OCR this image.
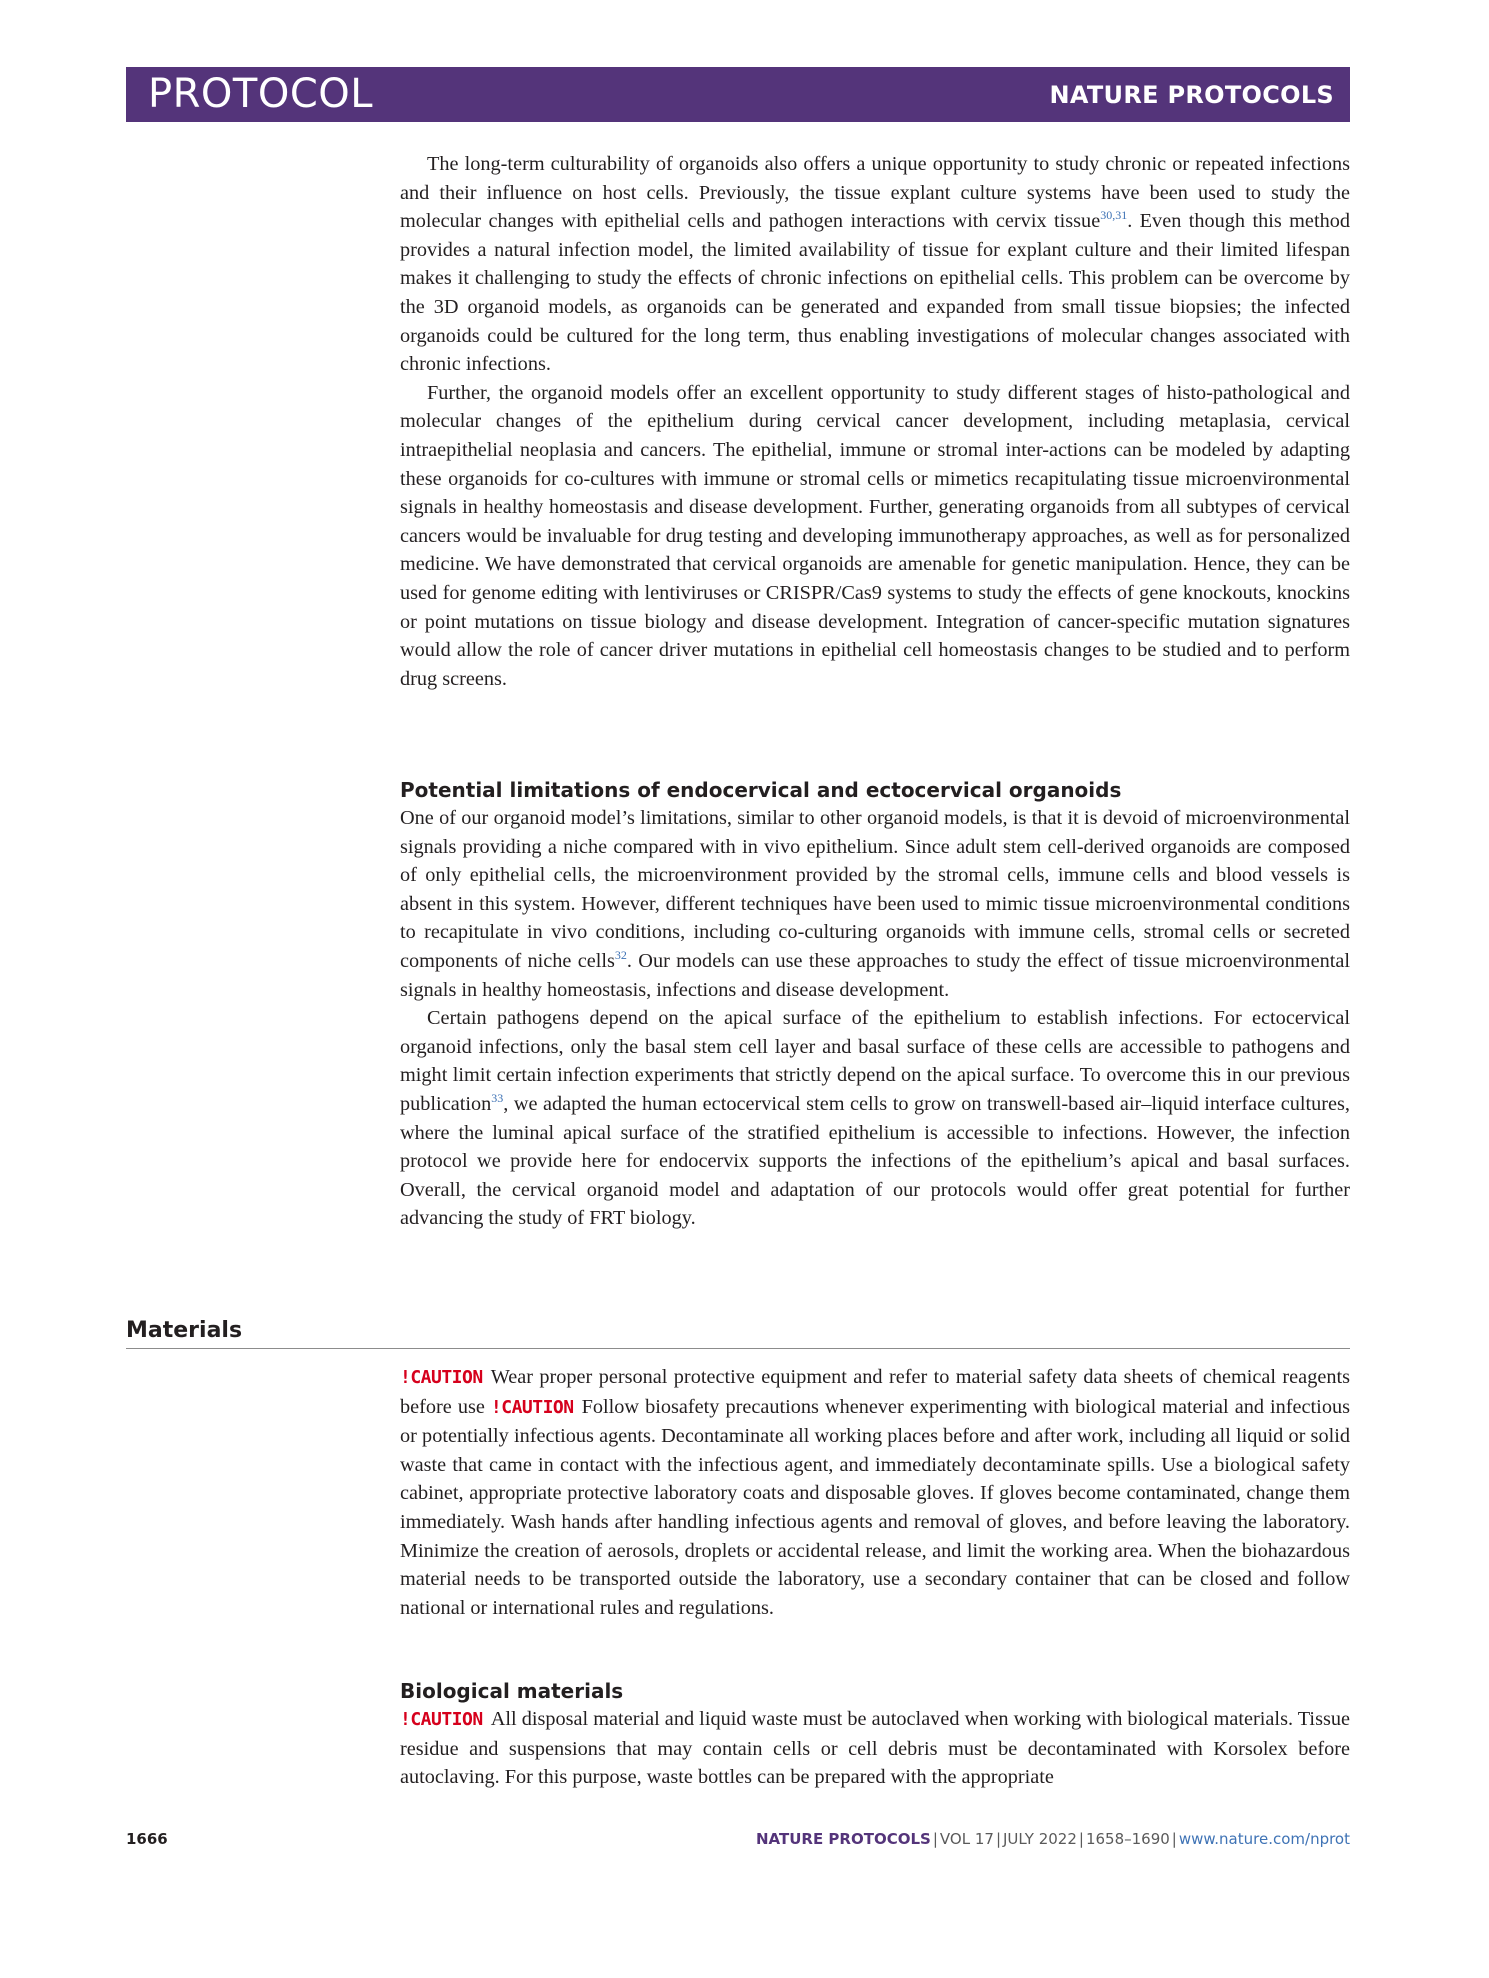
PROTOCOL	NATURE PROTOCOLS

The long-term culturability of organoids also offers a unique opportunity to study chronic or repeated infections and their influence on host cells. Previously, the tissue explant culture systems have been used to study the molecular changes with epithelial cells and pathogen interactions with cervix tissue$^{30,31}$. Even though this method provides a natural infection model, the limited availability of tissue for explant culture and their limited lifespan makes it challenging to study the effects of chronic infections on epithelial cells. This problem can be overcome by the 3D organoid models, as organoids can be generated and expanded from small tissue biopsies; the infected organoids could be cultured for the long term, thus enabling investigations of molecular changes associated with chronic infections.

Further, the organoid models offer an excellent opportunity to study different stages of histo-pathological and molecular changes of the epithelium during cervical cancer development, including metaplasia, cervical intraepithelial neoplasia and cancers. The epithelial, immune or stromal inter-actions can be modeled by adapting these organoids for co-cultures with immune or stromal cells or mimetics recapitulating tissue microenvironmental signals in healthy homeostasis and disease development. Further, generating organoids from all subtypes of cervical cancers would be invaluable for drug testing and developing immunotherapy approaches, as well as for personalized medicine. We have demonstrated that cervical organoids are amenable for genetic manipulation. Hence, they can be used for genome editing with lentiviruses or CRISPR/Cas9 systems to study the effects of gene knockouts, knockins or point mutations on tissue biology and disease development. Integration of cancer-specific mutation signatures would allow the role of cancer driver mutations in epithelial cell homeostasis changes to be studied and to perform drug screens.

Potential limitations of endocervical and ectocervical organoids

One of our organoid model’s limitations, similar to other organoid models, is that it is devoid of microenvironmental signals providing a niche compared with in vivo epithelium. Since adult stem cell-derived organoids are composed of only epithelial cells, the microenvironment provided by the stromal cells, immune cells and blood vessels is absent in this system. However, different techniques have been used to mimic tissue microenvironmental conditions to recapitulate in vivo conditions, including co-culturing organoids with immune cells, stromal cells or secreted components of niche cells$^{32}$. Our models can use these approaches to study the effect of tissue microenvironmental signals in healthy homeostasis, infections and disease development.

Certain pathogens depend on the apical surface of the epithelium to establish infections. For ectocervical organoid infections, only the basal stem cell layer and basal surface of these cells are accessible to pathogens and might limit certain infection experiments that strictly depend on the apical surface. To overcome this in our previous publication$^{33}$, we adapted the human ectocervical stem cells to grow on transwell-based air–liquid interface cultures, where the luminal apical surface of the stratified epithelium is accessible to infections. However, the infection protocol we provide here for endocervix supports the infections of the epithelium’s apical and basal surfaces. Overall, the cervical organoid model and adaptation of our protocols would offer great potential for further advancing the study of FRT biology.

Materials

!CAUTION Wear proper personal protective equipment and refer to material safety data sheets of chemical reagents before use !CAUTION Follow biosafety precautions whenever experimenting with biological material and infectious or potentially infectious agents. Decontaminate all working places before and after work, including all liquid or solid waste that came in contact with the infectious agent, and immediately decontaminate spills. Use a biological safety cabinet, appropriate protective laboratory coats and disposable gloves. If gloves become contaminated, change them immediately. Wash hands after handling infectious agents and removal of gloves, and before leaving the laboratory. Minimize the creation of aerosols, droplets or accidental release, and limit the working area. When the biohazardous material needs to be transported outside the laboratory, use a secondary container that can be closed and follow national or international rules and regulations.

Biological materials

!CAUTION All disposal material and liquid waste must be autoclaved when working with biological materials. Tissue residue and suspensions that may contain cells or cell debris must be decontaminated with Korsolex before autoclaving. For this purpose, waste bottles can be prepared with the appropriate

1666	NATURE PROTOCOLS | VOL 17 | JULY 2022 | 1658–1690 | www.nature.com/nprot
